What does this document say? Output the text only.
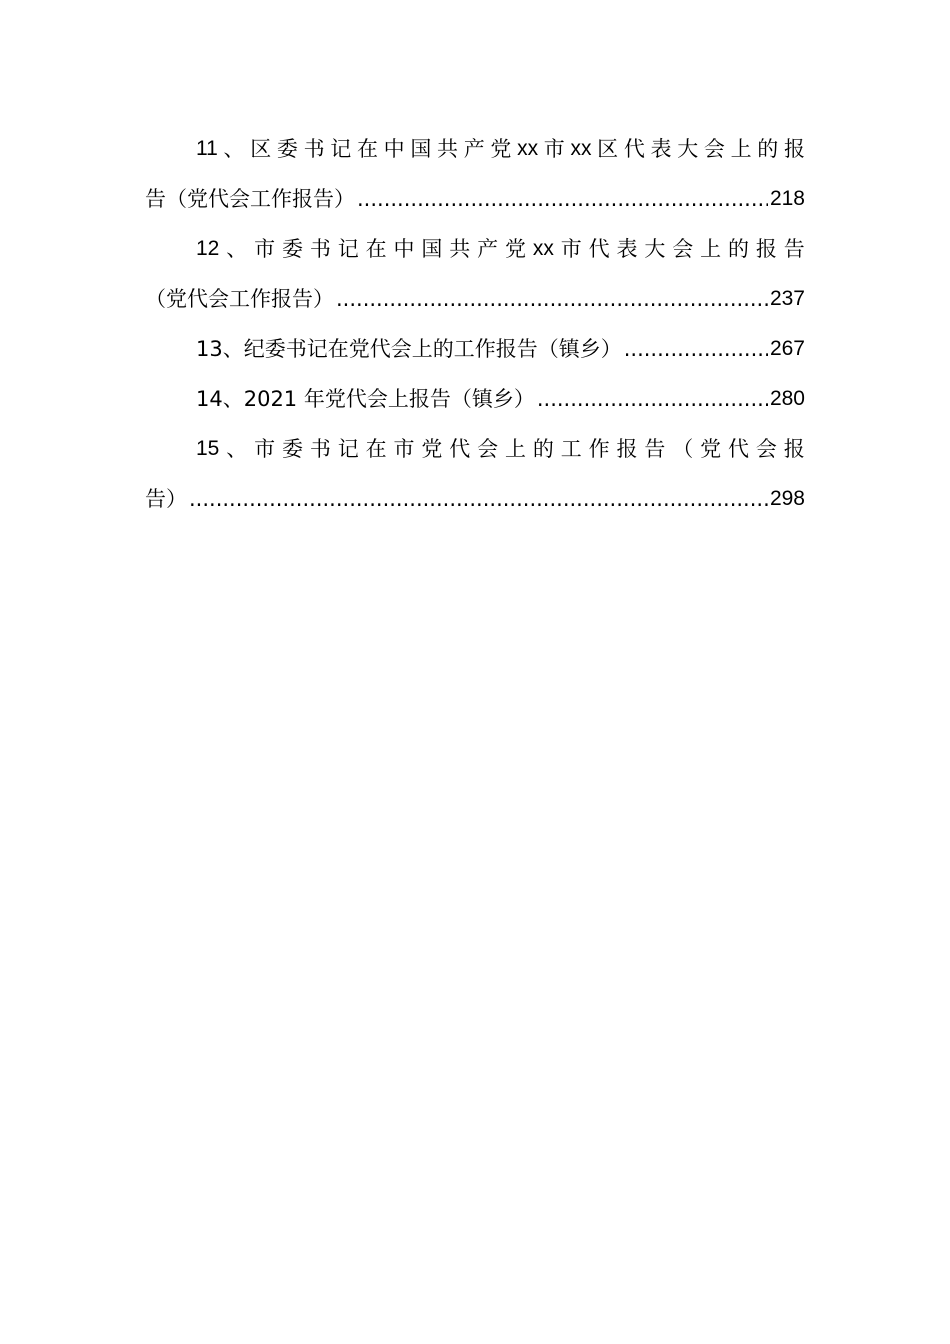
11 、 区 委 书 记 在 中 国 共 产 党 xx 市 xx 区 代 表 大 会 上 的 报
告（党代会工作报告） .....	218
12 、 市 委 书 记 在 中 国 共 产 党 xx 市 代 表 大 会 上 的 报 告
（党代会工作报告） .....	237
13、纪委书记在党代会上的工作报告（镇乡） .....	267
14、2021 年党代会上报告（镇乡） .....	280
15 、 市 委 书 记 在 市 党 代 会 上 的 工 作 报 告 （ 党 代 会 报
告） .....	298
